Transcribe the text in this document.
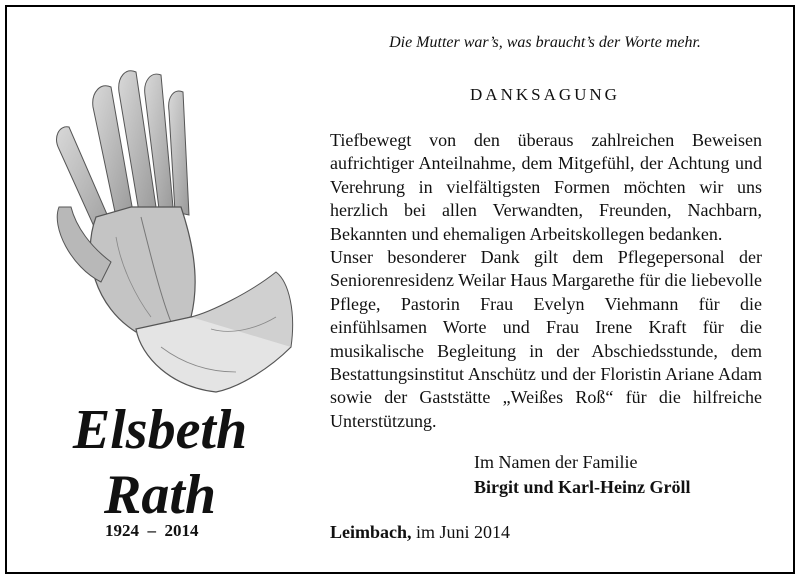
Elsbeth
Rath
1924 – 2014
Die Mutter war’s, was braucht’s der Worte mehr.
DANKSAGUNG

Tiefbewegt von den überaus zahlreichen Beweisen aufrichtiger Anteilnahme, dem Mitgefühl, der Achtung und Verehrung in vielfältigsten Formen möchten wir uns herzlich bei allen Verwandten, Freunden, Nachbarn, Bekannten und ehemaligen Arbeitskollegen bedanken.

Unser besonderer Dank gilt dem Pflegepersonal der Seniorenresidenz Weilar Haus Margarethe für die liebevolle Pflege, Pastorin Frau Evelyn Viehmann für die einfühlsamen Worte und Frau Irene Kraft für die musikalische Begleitung in der Abschiedsstunde, dem Bestattungsinstitut Anschütz und der Floristin Ariane Adam sowie der Gaststätte „Weißes Roß“ für die hilfreiche Unterstützung.

Im Namen der Familie
Birgit und Karl-Heinz Gröll
Leimbach, im Juni 2014
